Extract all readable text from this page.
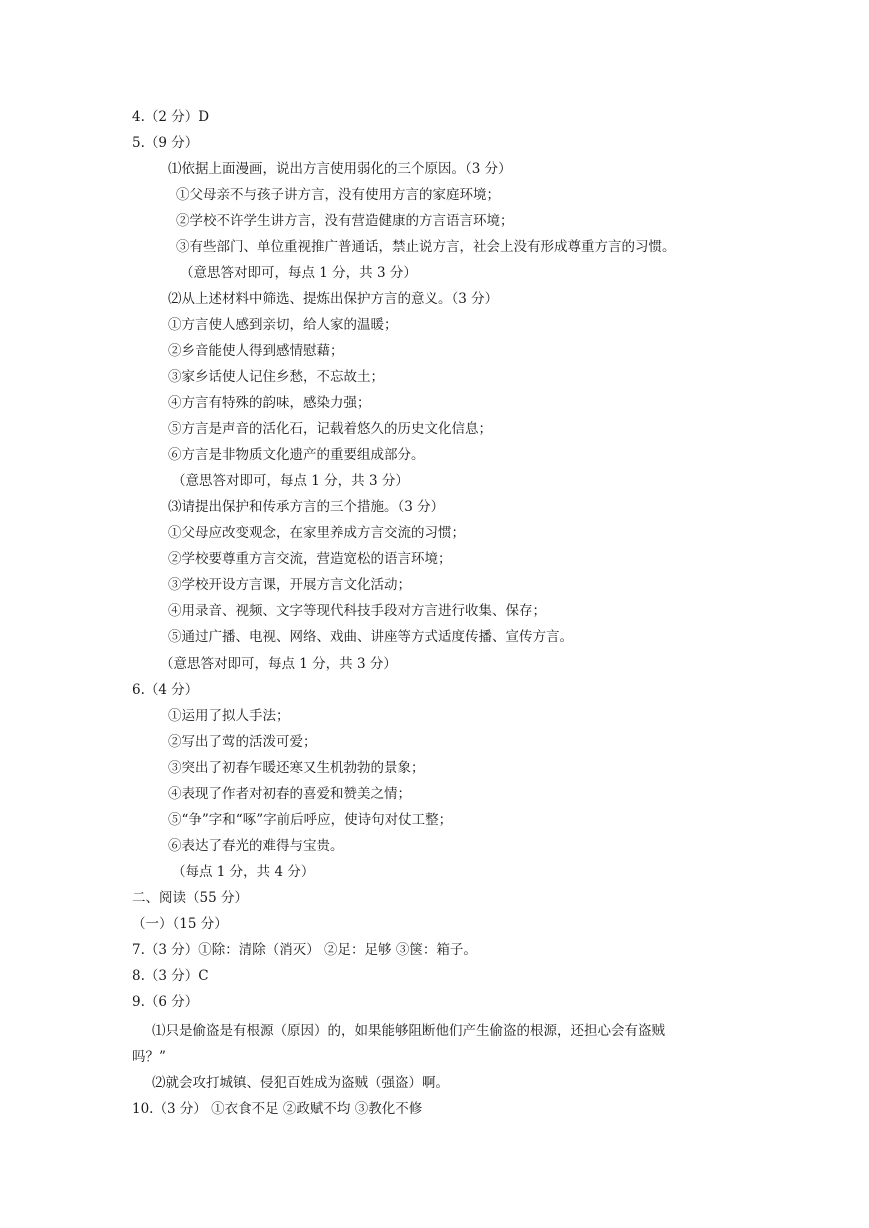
4.（2 分）D
5.（9 分）
⑴依据上面漫画，说出方言使用弱化的三个原因。（3 分）
①父母亲不与孩子讲方言，没有使用方言的家庭环境；
②学校不许学生讲方言，没有营造健康的方言语言环境；
③有些部门、单位重视推广普通话，禁止说方言，社会上没有形成尊重方言的习惯。
（意思答对即可，每点 1 分，共 3 分）
⑵从上述材料中筛选、提炼出保护方言的意义。（3 分）
①方言使人感到亲切，给人家的温暖；
②乡音能使人得到感情慰藉；
③家乡话使人记住乡愁，不忘故土；
④方言有特殊的韵味，感染力强；
⑤方言是声音的活化石，记载着悠久的历史文化信息；
⑥方言是非物质文化遗产的重要组成部分。
（意思答对即可，每点 1 分，共 3 分）
⑶请提出保护和传承方言的三个措施。（3 分）
①父母应改变观念，在家里养成方言交流的习惯；
②学校要尊重方言交流，营造宽松的语言环境；
③学校开设方言课，开展方言文化活动；
④用录音、视频、文字等现代科技手段对方言进行收集、保存；
⑤通过广播、电视、网络、戏曲、讲座等方式适度传播、宣传方言。
（意思答对即可，每点 1 分，共 3 分）
6.（4 分）
①运用了拟人手法；
②写出了莺的活泼可爱；
③突出了初春乍暖还寒又生机勃勃的景象；
④表现了作者对初春的喜爱和赞美之情；
⑤“争”字和“啄”字前后呼应，使诗句对仗工整；
⑥表达了春光的难得与宝贵。
（每点 1 分，共 4 分）
二、阅读（55 分）
（一）（15 分）
7.（3 分）①除：清除（消灭） ②足：足够 ③箧：箱子。
8.（3 分）C
9.（6 分）
⑴只是偷盗是有根源（原因）的，如果能够阻断他们产生偷盗的根源，还担心会有盗贼
吗？”
⑵就会攻打城镇、侵犯百姓成为盗贼（强盗）啊。
10.（3 分） ①衣食不足 ②政赋不均 ③教化不修
